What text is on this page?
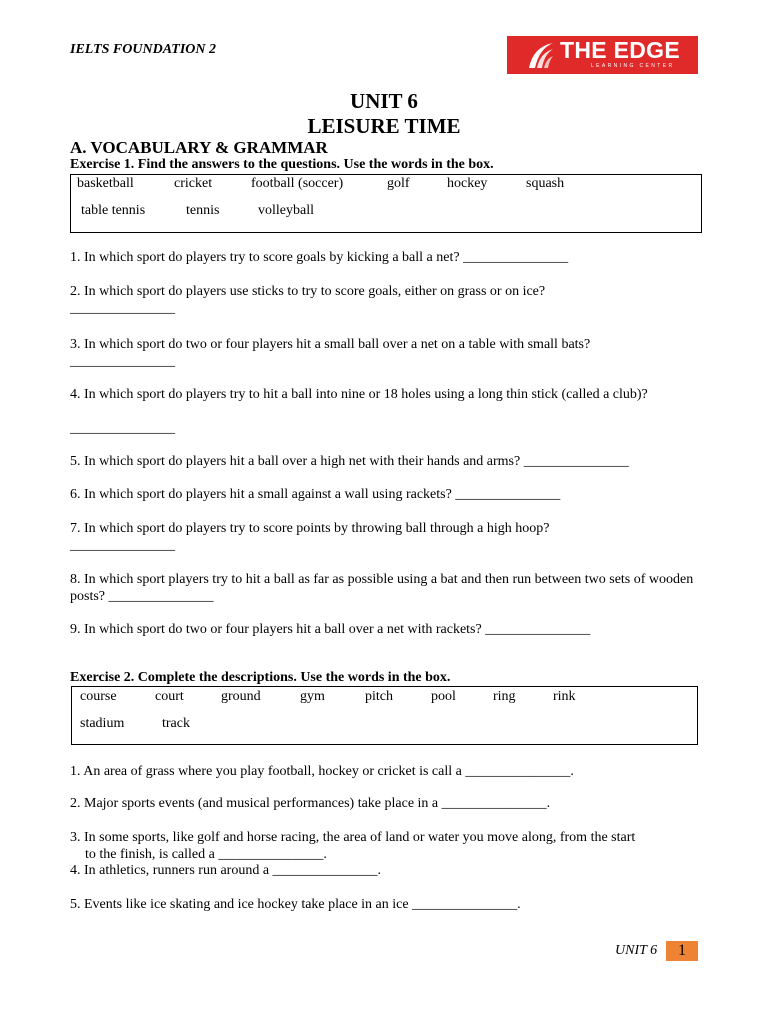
IELTS FOUNDATION 2	THE EDGE
LEARNING CENTER
UNIT 6
LEISURE TIME
A. VOCABULARY & GRAMMAR
Exercise 1. Find the answers to the questions. Use the words in the box.
basketball	cricket	football (soccer)	golf	hockey	squash
table tennis	tennis	volleyball
1. In which sport do players try to score goals by kicking a ball a net? _______________
2. In which sport do players use sticks to try to score goals, either on grass or on ice?
_______________
3. In which sport do two or four players hit a small ball over a net on a table with small bats?
_______________
4. In which sport do players try to hit a ball into nine or 18 holes using a long thin stick (called a club)?
_______________
5. In which sport do players hit a ball over a high net with their hands and arms? _______________
6. In which sport do players hit a small against a wall using rackets? _______________
7. In which sport do players try to score points by throwing ball through a high hoop?
_______________
8. In which sport players try to hit a ball as far as possible using a bat and then run between two sets of wooden posts? _______________
9. In which sport do two or four players hit a ball over a net with rackets? _______________
Exercise 2. Complete the descriptions. Use the words in the box.
course	court	ground	gym	pitch	pool	ring	rink
stadium	track
1. An area of grass where you play football, hockey or cricket is call a _______________.
2. Major sports events (and musical performances) take place in a _______________.
3. In some sports, like golf and horse racing, the area of land or water you move along, from the start
to the finish, is called a _______________.
4. In athletics, runners run around a _______________.
5. Events like ice skating and ice hockey take place in an ice _______________.
UNIT 6	1
